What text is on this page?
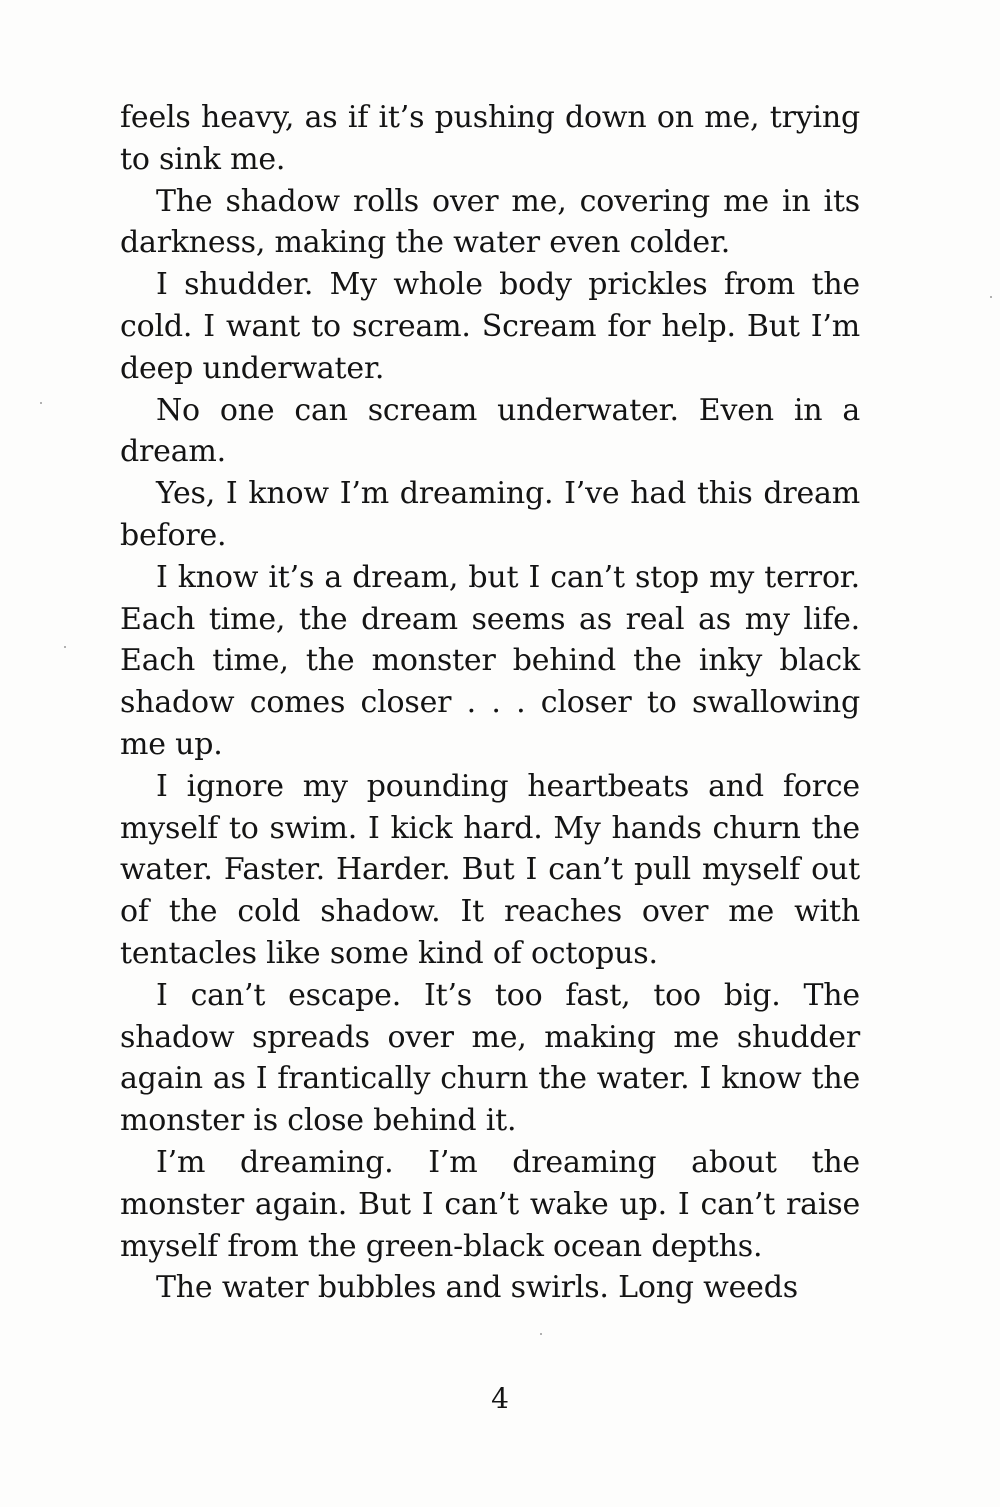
feels heavy, as if it’s pushing down on me, trying to sink me.

The shadow rolls over me, covering me in its darkness, making the water even colder.

I shudder. My whole body prickles from the cold. I want to scream. Scream for help. But I’m deep underwater.

No one can scream underwater. Even in a dream.

Yes, I know I’m dreaming. I’ve had this dream before.

I know it’s a dream, but I can’t stop my terror. Each time, the dream seems as real as my life. Each time, the monster behind the inky black shadow comes closer . . . closer to swallowing me up.

I ignore my pounding heartbeats and force myself to swim. I kick hard. My hands churn the water. Faster. Harder. But I can’t pull myself out of the cold shadow. It reaches over me with tentacles like some kind of octopus.

I can’t escape. It’s too fast, too big. The shadow spreads over me, making me shudder again as I frantically churn the water. I know the monster is close behind it.

I’m dreaming. I’m dreaming about the monster again. But I can’t wake up. I can’t raise myself from the green-black ocean depths.

The water bubbles and swirls. Long weeds

4
